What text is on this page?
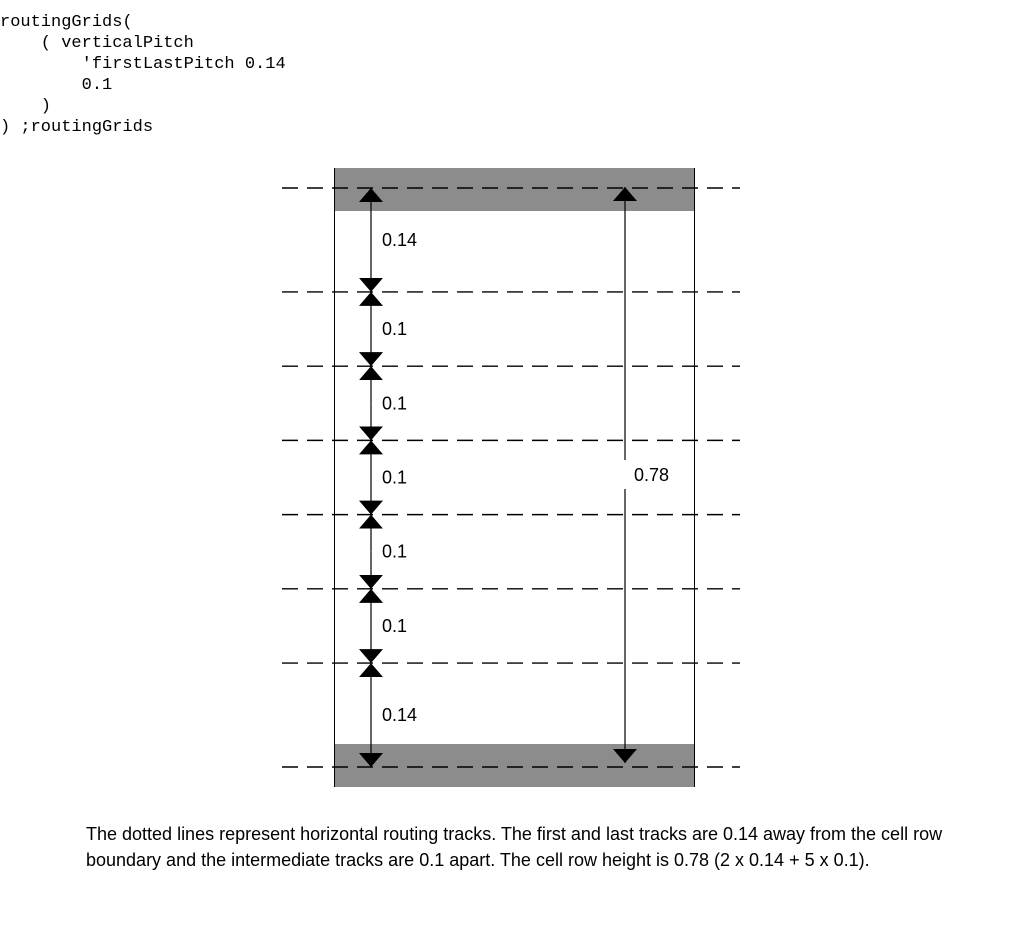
routingGrids(
( verticalPitch
'firstLastPitch 0.14
0.1
)
) ;routingGrids
0.14
0.1
0.1
0.1
0.1
0.1
0.14
0.78
The dotted lines represent horizontal routing tracks. The first and last tracks are 0.14 away from the cell row boundary and the intermediate tracks are 0.1 apart. The cell row height is 0.78 (2 x 0.14 + 5 x 0.1).
